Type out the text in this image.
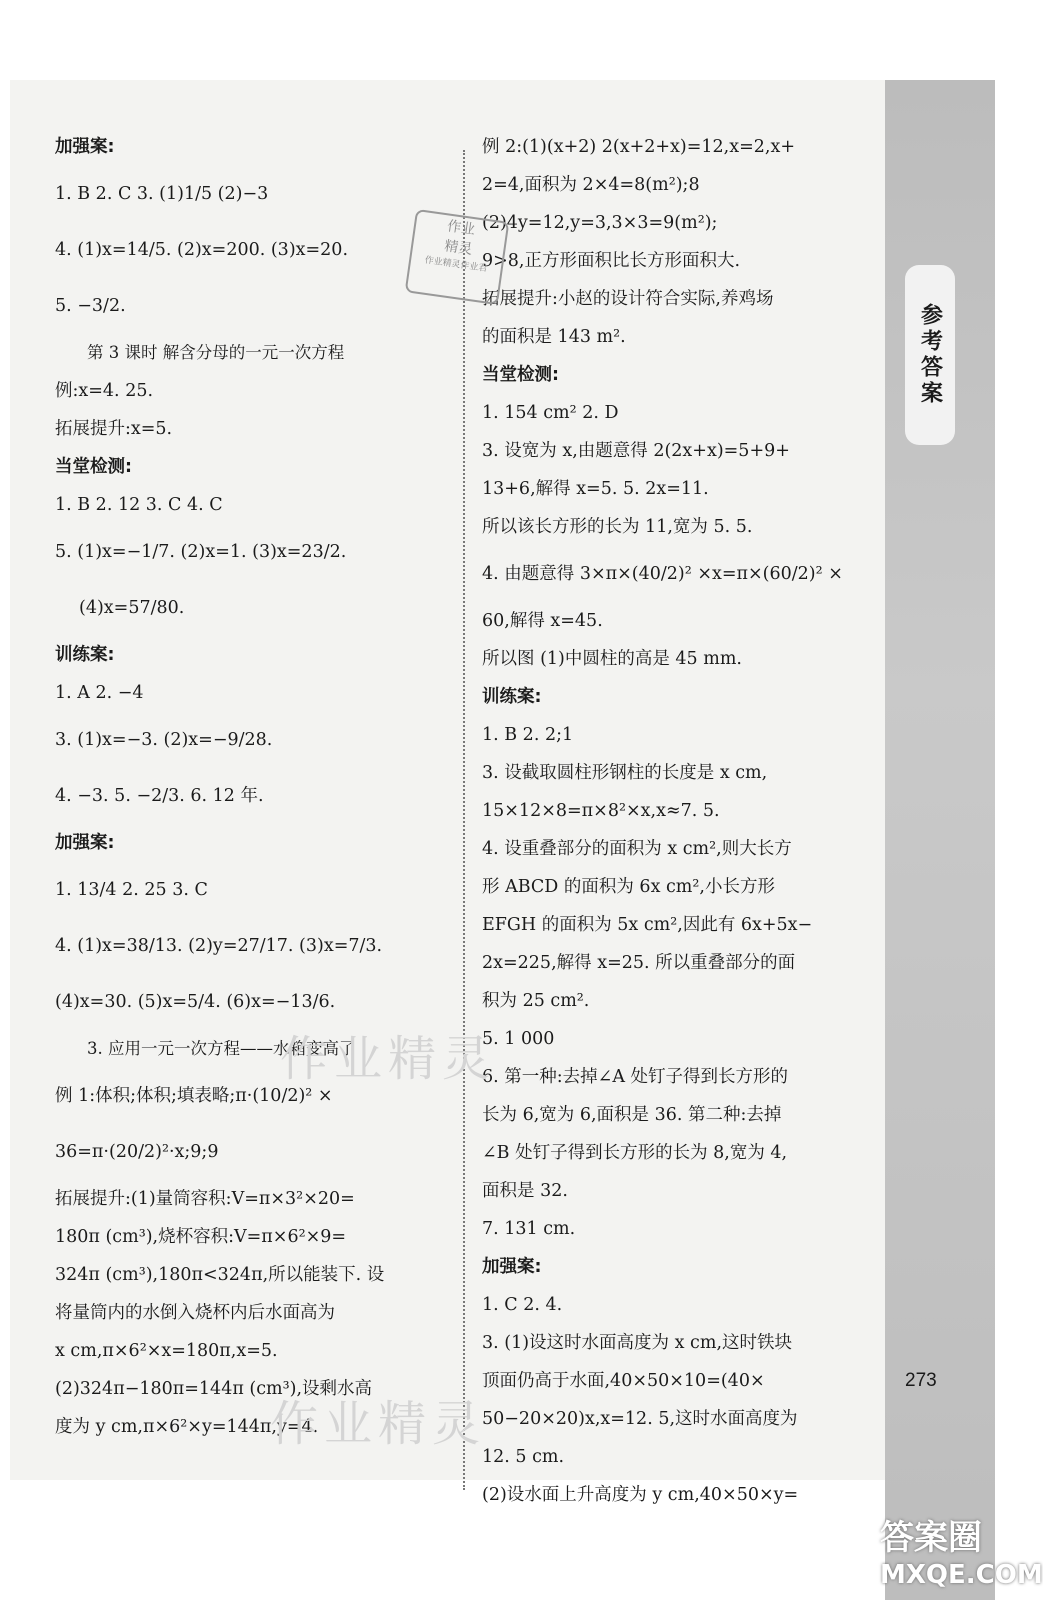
参考答案
273
加强案:
1. B 2. C 3. (1)1/5 (2)−3
4. (1)x=14/5. (2)x=200. (3)x=20.
5. −3/2.
第 3 课时 解含分母的一元一次方程
例:x=4. 25.
拓展提升:x=5.
当堂检测:
1. B 2. 12 3. C 4. C
5. (1)x=−1/7. (2)x=1. (3)x=23/2.
(4)x=57/80.
训练案:
1. A 2. −4
3. (1)x=−3. (2)x=−9/28.
4. −3. 5. −2/3. 6. 12 年.
加强案:
1. 13/4 2. 25 3. C
4. (1)x=38/13. (2)y=27/17. (3)x=7/3.
(4)x=30. (5)x=5/4. (6)x=−13/6.
3. 应用一元一次方程——水箱变高了
例 1:体积;体积;填表略;π·(10/2)² ×
36=π·(20/2)²·x;9;9
拓展提升:(1)量筒容积:V=π×3²×20=
180π (cm³),烧杯容积:V=π×6²×9=
324π (cm³),180π<324π,所以能装下. 设
将量筒内的水倒入烧杯内后水面高为
x cm,π×6²×x=180π,x=5.
(2)324π−180π=144π (cm³),设剩水高
度为 y cm,π×6²×y=144π,y=4.
例 2:(1)(x+2) 2(x+2+x)=12,x=2,x+
2=4,面积为 2×4=8(m²);8
(2)4y=12,y=3,3×3=9(m²);
9>8,正方形面积比长方形面积大.
拓展提升:小赵的设计符合实际,养鸡场
的面积是 143 m².
当堂检测:
1. 154 cm² 2. D
3. 设宽为 x,由题意得 2(2x+x)=5+9+
13+6,解得 x=5. 5. 2x=11.
所以该长方形的长为 11,宽为 5. 5.
4. 由题意得 3×π×(40/2)² ×x=π×(60/2)² ×
60,解得 x=45.
所以图 (1)中圆柱的高是 45 mm.
训练案:
1. B 2. 2;1
3. 设截取圆柱形钢柱的长度是 x cm,
15×12×8=π×8²×x,x≈7. 5.
4. 设重叠部分的面积为 x cm²,则大长方
形 ABCD 的面积为 6x cm²,小长方形
EFGH 的面积为 5x cm²,因此有 6x+5x−
2x=225,解得 x=25. 所以重叠部分的面
积为 25 cm².
5. 1 000
6. 第一种:去掉∠A 处钉子得到长方形的
长为 6,宽为 6,面积是 36. 第二种:去掉
∠B 处钉子得到长方形的长为 8,宽为 4,
面积是 32.
7. 131 cm.
加强案:
1. C 2. 4.
3. (1)设这时水面高度为 x cm,这时铁块
顶面仍高于水面,40×50×10=(40×
50−20×20)x,x=12. 5,这时水面高度为
12. 5 cm.
(2)设水面上升高度为 y cm,40×50×y=
作业
精灵
作业精灵作业君
作业精灵
作业精灵
答案圈
MXQE.COM
